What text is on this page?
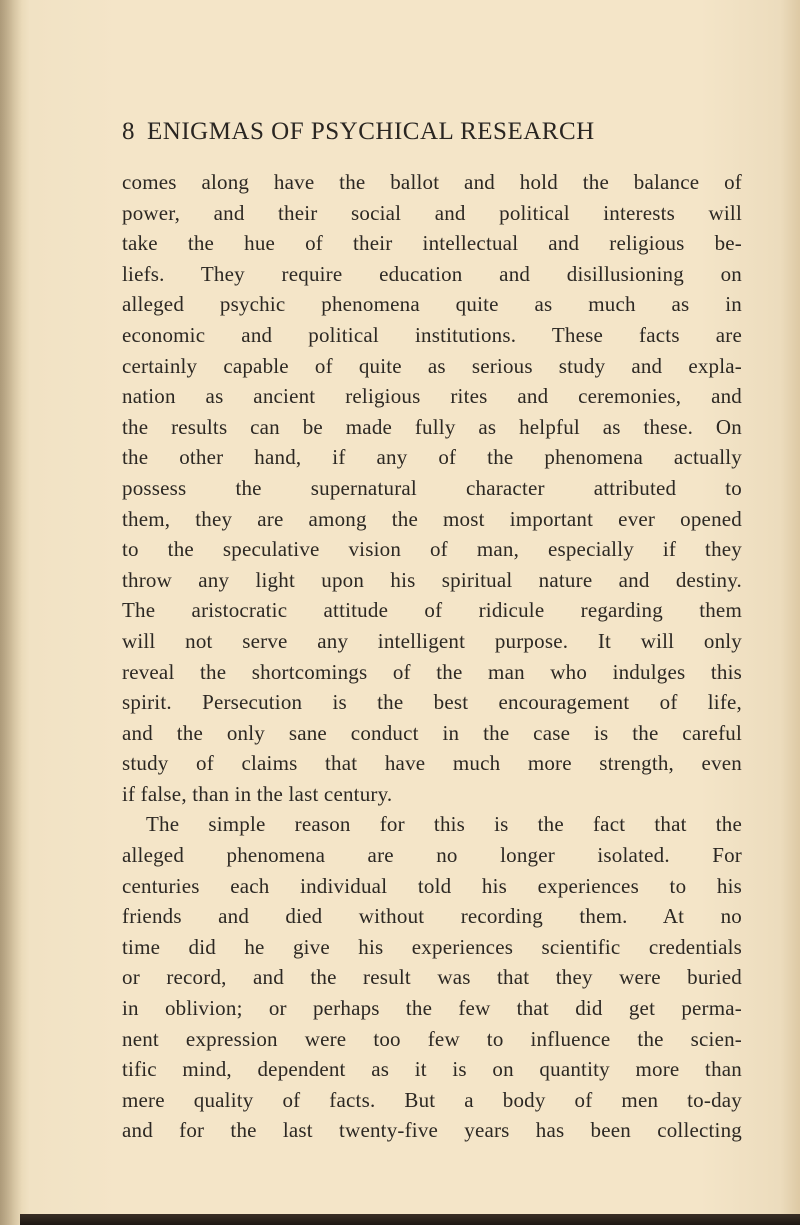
8 ENIGMAS OF PSYCHICAL RESEARCH
comes along have the ballot and hold the balance of
power, and their social and political interests will
take the hue of their intellectual and religious be-
liefs. They require education and disillusioning on
alleged psychic phenomena quite as much as in
economic and political institutions. These facts are
certainly capable of quite as serious study and expla-
nation as ancient religious rites and ceremonies, and
the results can be made fully as helpful as these. On
the other hand, if any of the phenomena actually
possess the supernatural character attributed to
them, they are among the most important ever opened
to the speculative vision of man, especially if they
throw any light upon his spiritual nature and destiny.
The aristocratic attitude of ridicule regarding them
will not serve any intelligent purpose. It will only
reveal the shortcomings of the man who indulges this
spirit. Persecution is the best encouragement of life,
and the only sane conduct in the case is the careful
study of claims that have much more strength, even
if false, than in the last century.
The simple reason for this is the fact that the
alleged phenomena are no longer isolated. For
centuries each individual told his experiences to his
friends and died without recording them. At no
time did he give his experiences scientific credentials
or record, and the result was that they were buried
in oblivion; or perhaps the few that did get perma-
nent expression were too few to influence the scien-
tific mind, dependent as it is on quantity more than
mere quality of facts. But a body of men to-day
and for the last twenty-five years has been collecting
